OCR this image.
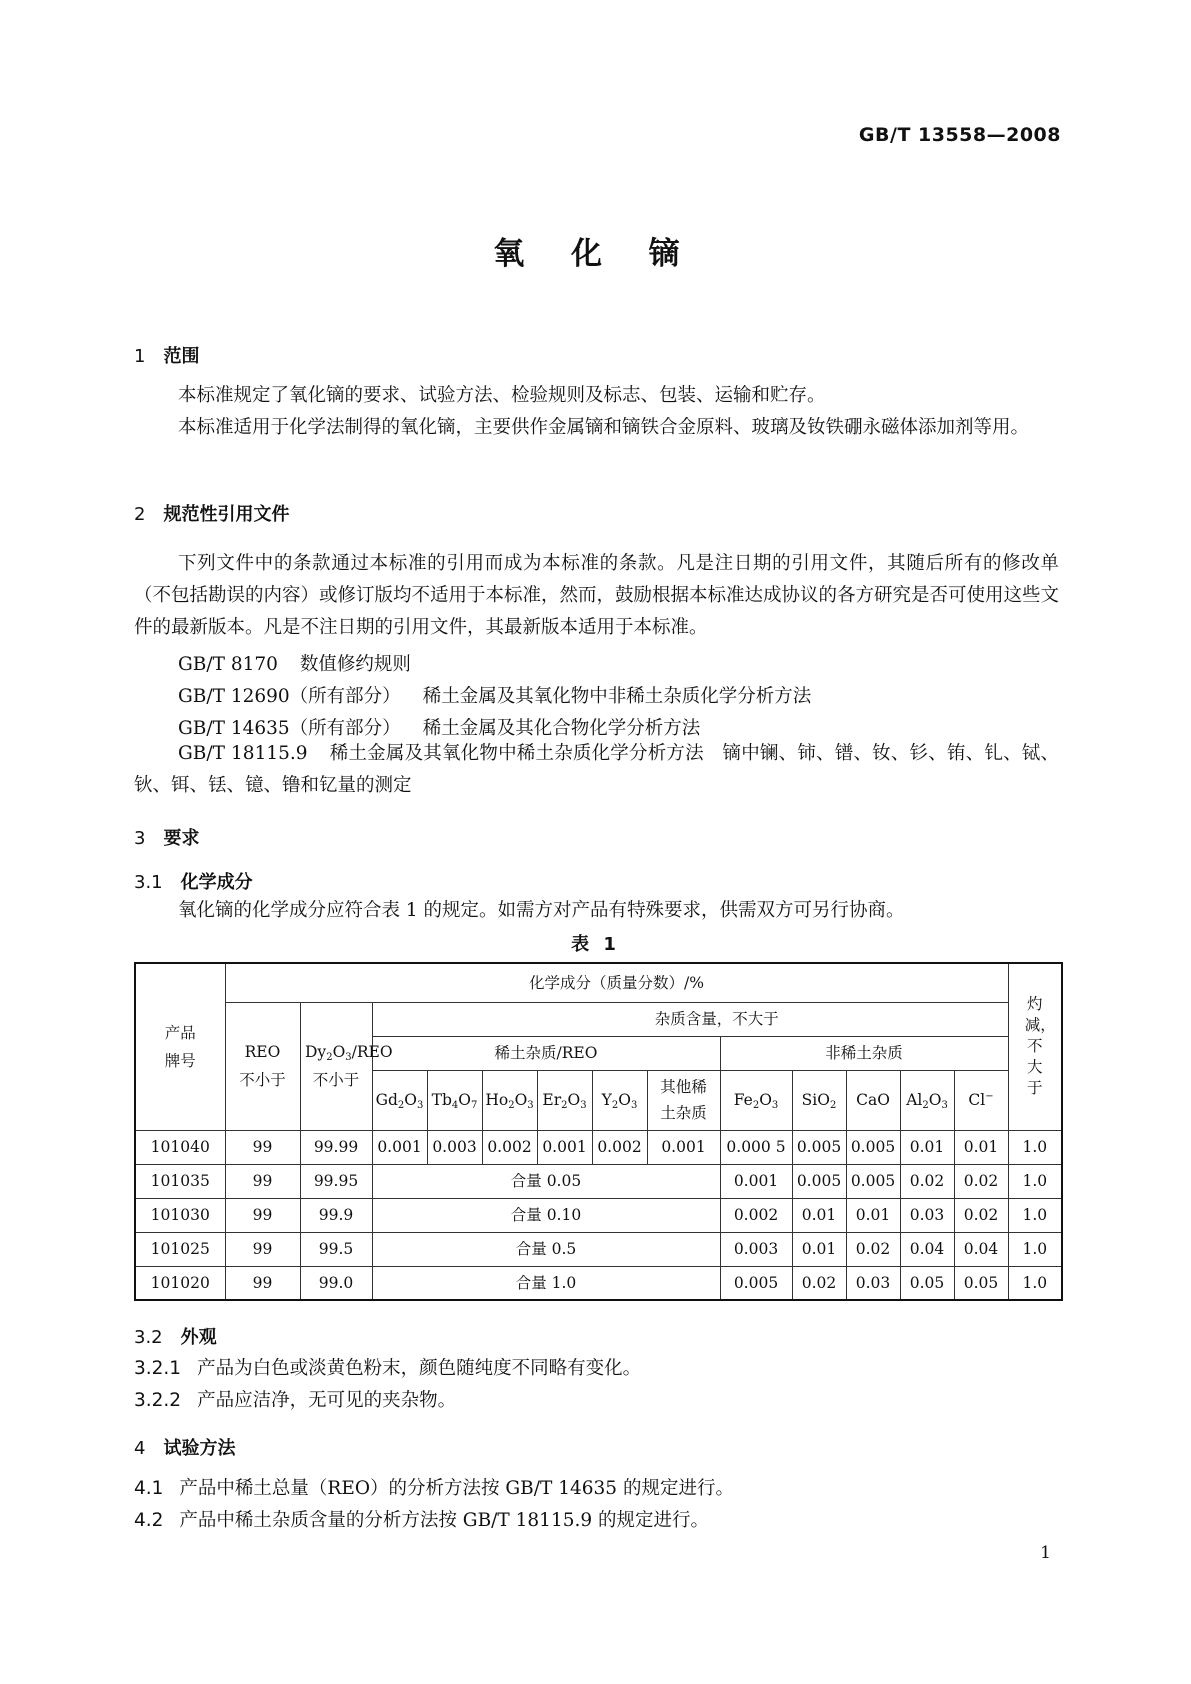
GB/T 13558—2008
氧 化 镝
1 范围
本标准规定了氧化镝的要求、试验方法、检验规则及标志、包装、运输和贮存。
本标准适用于化学法制得的氧化镝，主要供作金属镝和镝铁合金原料、玻璃及钕铁硼永磁体添加剂等用。
2 规范性引用文件
下列文件中的条款通过本标准的引用而成为本标准的条款。凡是注日期的引用文件，其随后所有的修改单（不包括勘误的内容）或修订版均不适用于本标准，然而，鼓励根据本标准达成协议的各方研究是否可使用这些文件的最新版本。凡是不注日期的引用文件，其最新版本适用于本标准。
GB/T 8170 数值修约规则
GB/T 12690（所有部分） 稀土金属及其氧化物中非稀土杂质化学分析方法
GB/T 14635（所有部分） 稀土金属及其化合物化学分析方法
GB/T 18115.9 稀土金属及其氧化物中稀土杂质化学分析方法　镝中镧、铈、镨、钕、钐、铕、钆、铽、钬、铒、铥、镱、镥和钇量的测定
3 要求
3.1 化学成分
氧化镝的化学成分应符合表 1 的规定。如需方对产品有特殊要求，供需双方可另行协商。
表 1
产品牌号	化学成分（质量分数）/%													灼减，不大于

	REO不小于	$Dy_2O_3$/REO不小于	杂质含量，不大于											
			稀土杂质/REO						非稀土杂质					
			$Gd_2O_3$	$Tb_4O_7$	$Ho_2O_3$	$Er_2O_3$	$Y_2O_3$	其他稀土杂质	$Fe_2O_3$	SiO$_2$	CaO	$Al_2O_3$	Cl−
101040	99	99.99	0.001	0.003	0.002	0.001	0.002	0.001	0.000 5	0.005	0.005	0.01	0.01	1.0
101035	99	99.95	合量 0.05						0.001	0.005	0.005	0.02	0.02	1.0
101030	99	99.9	合量 0.10						0.002	0.01	0.01	0.03	0.02	1.0
101025	99	99.5	合量 0.5						0.003	0.01	0.02	0.04	0.04	1.0
101020	99	99.0	合量 1.0						0.005	0.02	0.03	0.05	0.05	1.0
3.2 外观
3.2.1 产品为白色或淡黄色粉末，颜色随纯度不同略有变化。
3.2.2 产品应洁净，无可见的夹杂物。
4 试验方法
4.1 产品中稀土总量（REO）的分析方法按 GB/T 14635 的规定进行。
4.2 产品中稀土杂质含量的分析方法按 GB/T 18115.9 的规定进行。
1
